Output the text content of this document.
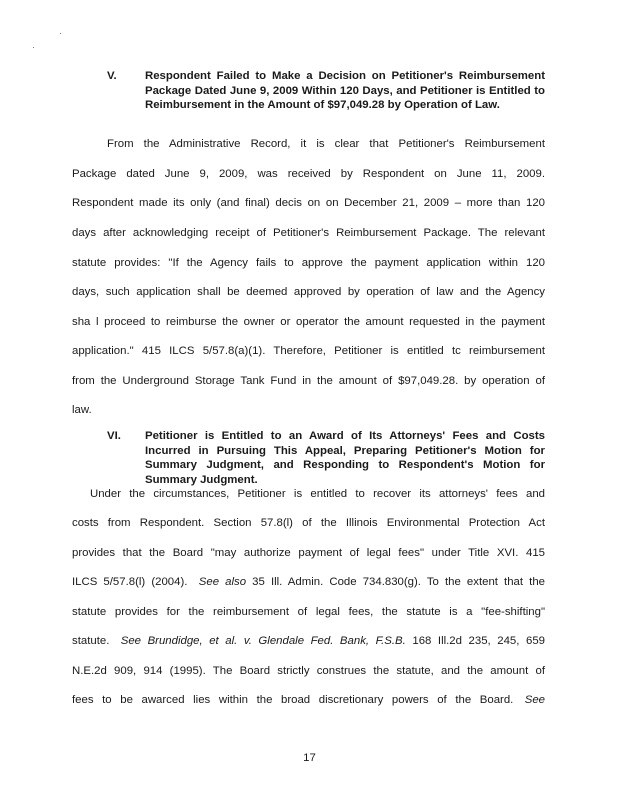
V. Respondent Failed to Make a Decision on Petitioner's Reimbursement Package Dated June 9, 2009 Within 120 Days, and Petitioner is Entitled to Reimbursement in the Amount of $97,049.28 by Operation of Law.
From the Administrative Record, it is clear that Petitioner's Reimbursement
Package dated June 9, 2009, was received by Respondent on June 11, 2009.
Respondent made its only (and final) decis on on December 21, 2009 – more than 120
days after acknowledging receipt of Petitioner's Reimbursement Package. The relevant
statute provides: "If the Agency fails to approve the payment application within 120
days, such application shall be deemed approved by operation of law and the Agency
sha l proceed to reimburse the owner or operator the amount requested in the payment
application." 415 ILCS 5/57.8(a)(1). Therefore, Petitioner is entitled tc reimbursement
from the Underground Storage Tank Fund in the amount of $97,049.28. by operation of
law.
VI. Petitioner is Entitled to an Award of Its Attorneys' Fees and Costs Incurred in Pursuing This Appeal, Preparing Petitioner's Motion for Summary Judgment, and Responding to Respondent's Motion for Summary Judgment.
Under the circumstances, Petitioner is entitled to recover its attorneys' fees and
costs from Respondent. Section 57.8(l) of the Illinois Environmental Protection Act
provides that the Board "may authorize payment of legal fees" under Title XVI. 415
ILCS 5/57.8(l) (2004).  See also 35 Ill. Admin. Code 734.830(g). To the extent that the
statute provides for the reimbursement of legal fees, the statute is a "fee-shifting"
statute.  See Brundidge, et al. v. Glendale Fed. Bank, F.S.B. 168 Ill.2d 235, 245, 659
N.E.2d 909, 914 (1995). The Board strictly construes the statute, and the amount of
fees to be awarced lies within the broad discretionary powers of the Board.  See
17
